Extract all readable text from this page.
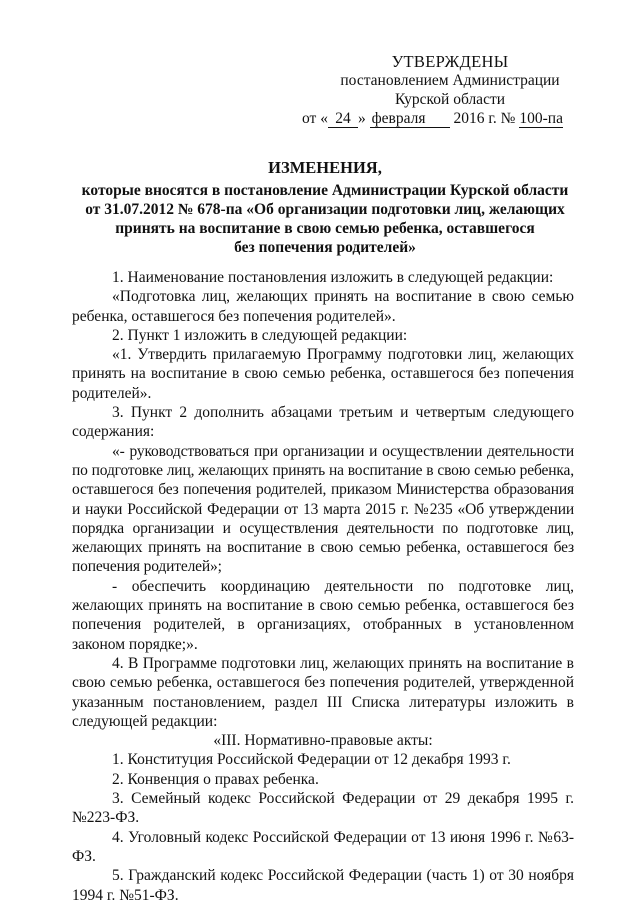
УТВЕРЖДЕНЫ
постановлением Администрации
Курской области
от « 24 » февраля 2016 г. № 100-па
ИЗМЕНЕНИЯ,
которые вносятся в постановление Администрации Курской области
от 31.07.2012 № 678-па «Об организации подготовки лиц, желающих
принять на воспитание в свою семью ребенка, оставшегося
без попечения родителей»

1. Наименование постановления изложить в следующей редакции:

«Подготовка лиц, желающих принять на воспитание в свою семью ребенка, оставшегося без попечения родителей».

2. Пункт 1 изложить в следующей редакции:

«1. Утвердить прилагаемую Программу подготовки лиц, желающих принять на воспитание в свою семью ребенка, оставшегося без попечения родителей».

3. Пункт 2 дополнить абзацами третьим и четвертым следующего содержания:

«- руководствоваться при организации и осуществлении деятельности по подготовке лиц, желающих принять на воспитание в свою семью ребенка, оставшегося без попечения родителей, приказом Министерства образования и науки Российской Федерации от 13 марта 2015 г. №235 «Об утверждении порядка организации и осуществления деятельности по подготовке лиц, желающих принять на воспитание в свою семью ребенка, оставшегося без попечения родителей»;

- обеспечить координацию деятельности по подготовке лиц, желающих принять на воспитание в свою семью ребенка, оставшегося без попечения родителей, в организациях, отобранных в установленном законом порядке;».

4. В Программе подготовки лиц, желающих принять на воспитание в свою семью ребенка, оставшегося без попечения родителей, утвержденной указанным постановлением, раздел III Списка литературы изложить в следующей редакции:

«III. Нормативно-правовые акты:

1. Конституция Российской Федерации от 12 декабря 1993 г.

2. Конвенция о правах ребенка.

3. Семейный кодекс Российской Федерации от 29 декабря 1995 г. №223-ФЗ.

4. Уголовный кодекс Российской Федерации от 13 июня 1996 г. №63-ФЗ.

5. Гражданский кодекс Российской Федерации (часть 1) от 30 ноября 1994 г. №51-ФЗ.
